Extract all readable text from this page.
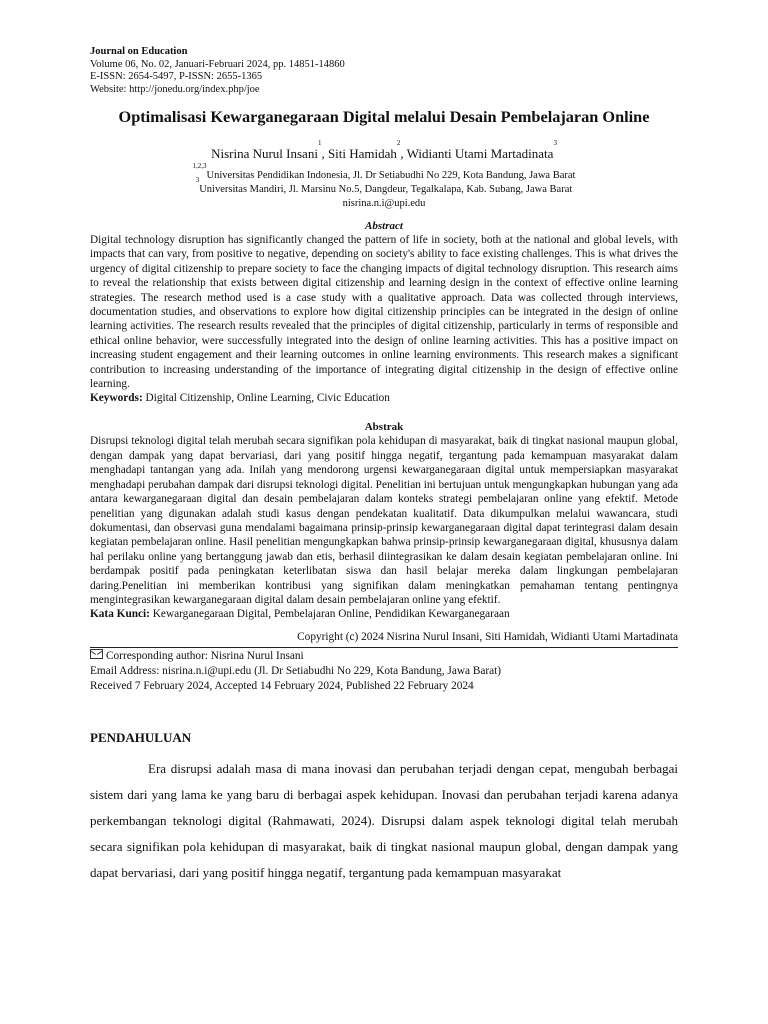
Journal on Education
Volume 06, No. 02, Januari-Februari 2024, pp. 14851-14860
E-ISSN: 2654-5497, P-ISSN: 2655-1365
Website: http://jonedu.org/index.php/joe
Optimalisasi Kewarganegaraan Digital melalui Desain Pembelajaran Online
Nisrina Nurul Insani$^1$, Siti Hamidah$^2$, Widianti Utami Martadinata$^3$
$^{1,2,3}$Universitas Pendidikan Indonesia, Jl. Dr Setiabudhi No 229, Kota Bandung, Jawa Barat
$^3$Universitas Mandiri, Jl. Marsinu No.5, Dangdeur, Tegalkalapa, Kab. Subang, Jawa Barat
nisrina.n.i@upi.edu
Abstract
Digital technology disruption has significantly changed the pattern of life in society, both at the national and global levels, with impacts that can vary, from positive to negative, depending on society's ability to face existing challenges. This is what drives the urgency of digital citizenship to prepare society to face the changing impacts of digital technology disruption. This research aims to reveal the relationship that exists between digital citizenship and learning design in the context of effective online learning strategies. The research method used is a case study with a qualitative approach. Data was collected through interviews, documentation studies, and observations to explore how digital citizenship principles can be integrated in the design of online learning activities. The research results revealed that the principles of digital citizenship, particularly in terms of responsible and ethical online behavior, were successfully integrated into the design of online learning activities. This has a positive impact on increasing student engagement and their learning outcomes in online learning environments. This research makes a significant contribution to increasing understanding of the importance of integrating digital citizenship in the design of effective online learning.
Keywords: Digital Citizenship, Online Learning, Civic Education
Abstrak
Disrupsi teknologi digital telah merubah secara signifikan pola kehidupan di masyarakat, baik di tingkat nasional maupun global, dengan dampak yang dapat bervariasi, dari yang positif hingga negatif, tergantung pada kemampuan masyarakat dalam menghadapi tantangan yang ada. Inilah yang mendorong urgensi kewarganegaraan digital untuk mempersiapkan masyarakat menghadapi perubahan dampak dari disrupsi teknologi digital. Penelitian ini bertujuan untuk mengungkapkan hubungan yang ada antara kewarganegaraan digital dan desain pembelajaran dalam konteks strategi pembelajaran online yang efektif. Metode penelitian yang digunakan adalah studi kasus dengan pendekatan kualitatif. Data dikumpulkan melalui wawancara, studi dokumentasi, dan observasi guna mendalami bagaimana prinsip-prinsip kewarganegaraan digital dapat terintegrasi dalam desain kegiatan pembelajaran online. Hasil penelitian mengungkapkan bahwa prinsip-prinsip kewarganegaraan digital, khususnya dalam hal perilaku online yang bertanggung jawab dan etis, berhasil diintegrasikan ke dalam desain kegiatan pembelajaran online. Ini berdampak positif pada peningkatan keterlibatan siswa dan hasil belajar mereka dalam lingkungan pembelajaran daring.Penelitian ini memberikan kontribusi yang signifikan dalam meningkatkan pemahaman tentang pentingnya mengintegrasikan kewarganegaraan digital dalam desain pembelajaran online yang efektif.
Kata Kunci: Kewarganegaraan Digital, Pembelajaran Online, Pendidikan Kewarganegaraan
Copyright (c) 2024 Nisrina Nurul Insani, Siti Hamidah, Widianti Utami Martadinata
Corresponding author: Nisrina Nurul Insani
Email Address: nisrina.n.i@upi.edu (Jl. Dr Setiabudhi No 229, Kota Bandung, Jawa Barat)
Received 7 February 2024, Accepted 14 February 2024, Published 22 February 2024
PENDAHULUAN
Era disrupsi adalah masa di mana inovasi dan perubahan terjadi dengan cepat, mengubah berbagai sistem dari yang lama ke yang baru di berbagai aspek kehidupan. Inovasi dan perubahan terjadi karena adanya perkembangan teknologi digital (Rahmawati, 2024). Disrupsi dalam aspek teknologi digital telah merubah secara signifikan pola kehidupan di masyarakat, baik di tingkat nasional maupun global, dengan dampak yang dapat bervariasi, dari yang positif hingga negatif, tergantung pada kemampuan masyarakat
